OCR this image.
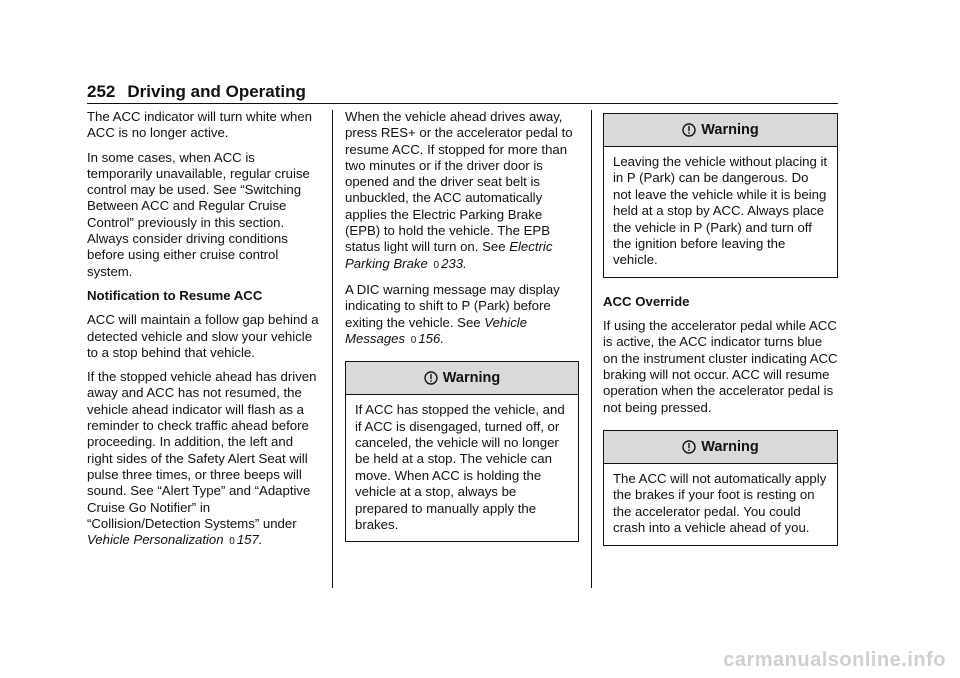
252 Driving and Operating

The ACC indicator will turn white when ACC is no longer active.

In some cases, when ACC is temporarily unavailable, regular cruise control may be used. See “Switching Between ACC and Regular Cruise Control” previously in this section. Always consider driving conditions before using either cruise control system.

Notification to Resume ACC

ACC will maintain a follow gap behind a detected vehicle and slow your vehicle to a stop behind that vehicle.

If the stopped vehicle ahead has driven away and ACC has not resumed, the vehicle ahead indicator will flash as a reminder to check traffic ahead before proceeding. In addition, the left and right sides of the Safety Alert Seat will pulse three times, or three beeps will sound. See “Alert Type” and “Adaptive Cruise Go Notifier” in “Collision/Detection Systems” under Vehicle Personalization 0 157.

When the vehicle ahead drives away, press RES+ or the accelerator pedal to resume ACC. If stopped for more than two minutes or if the driver door is opened and the driver seat belt is unbuckled, the ACC automatically applies the Electric Parking Brake (EPB) to hold the vehicle. The EPB status light will turn on. See Electric Parking Brake 0 233.

A DIC warning message may display indicating to shift to P (Park) before exiting the vehicle. See Vehicle Messages 0 156.

Warning
If ACC has stopped the vehicle, and if ACC is disengaged, turned off, or canceled, the vehicle will no longer be held at a stop. The vehicle can move. When ACC is holding the vehicle at a stop, always be prepared to manually apply the brakes.
Warning
Leaving the vehicle without placing it in P (Park) can be dangerous. Do not leave the vehicle while it is being held at a stop by ACC. Always place the vehicle in P (Park) and turn off the ignition before leaving the vehicle.
ACC Override

If using the accelerator pedal while ACC is active, the ACC indicator turns blue on the instrument cluster indicating ACC braking will not occur. ACC will resume operation when the accelerator pedal is not being pressed.

Warning
The ACC will not automatically apply the brakes if your foot is resting on the accelerator pedal. You could crash into a vehicle ahead of you.
carmanualsonline.info
